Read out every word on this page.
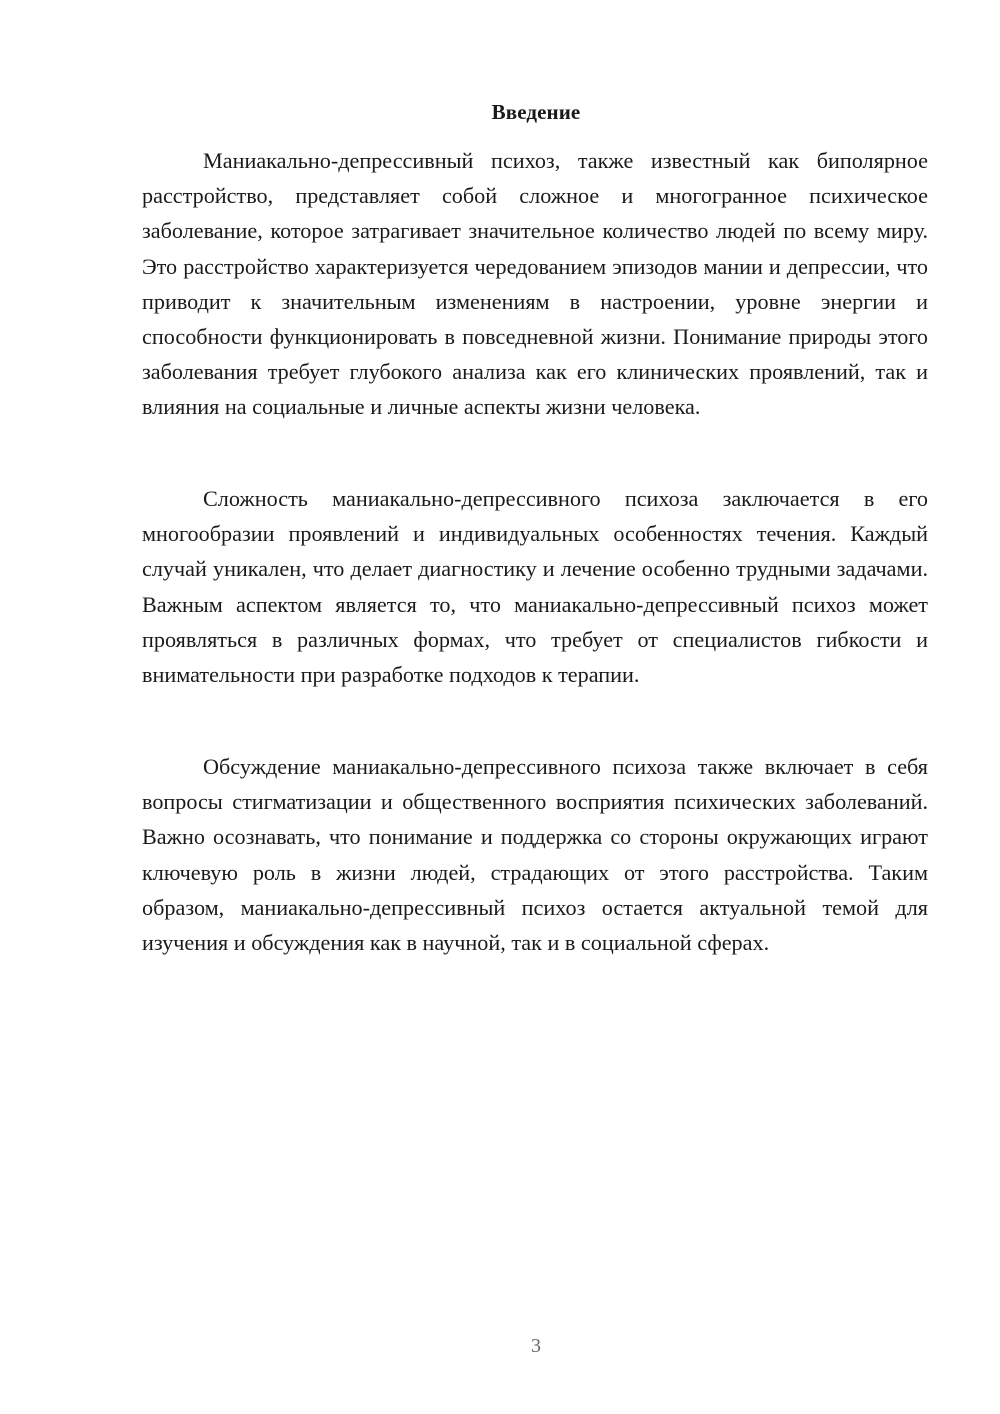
Введение

Маниакально-депрессивный психоз, также известный как биполярное расстройство, представляет собой сложное и многогранное психическое заболевание, которое затрагивает значительное количество людей по всему миру. Это расстройство характеризуется чередованием эпизодов мании и депрессии, что приводит к значительным изменениям в настроении, уровне энергии и способности функционировать в повседневной жизни. Понимание природы этого заболевания требует глубокого анализа как его клинических проявлений, так и влияния на социальные и личные аспекты жизни человека.

Сложность маниакально-депрессивного психоза заключается в его многообразии проявлений и индивидуальных особенностях течения. Каждый случай уникален, что делает диагностику и лечение особенно трудными задачами. Важным аспектом является то, что маниакально-депрессивный психоз может проявляться в различных формах, что требует от специалистов гибкости и внимательности при разработке подходов к терапии.

Обсуждение маниакально-депрессивного психоза также включает в себя вопросы стигматизации и общественного восприятия психических заболеваний. Важно осознавать, что понимание и поддержка со стороны окружающих играют ключевую роль в жизни людей, страдающих от этого расстройства. Таким образом, маниакально-депрессивный психоз остается актуальной темой для изучения и обсуждения как в научной, так и в социальной сферах.

3
